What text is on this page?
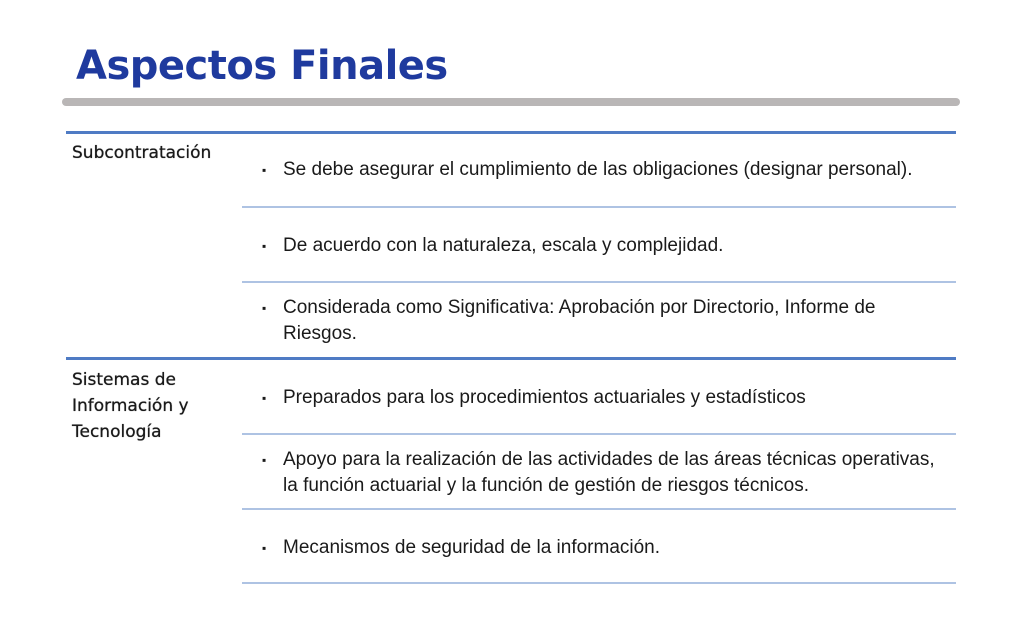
Aspectos Finales
Subcontratación
▪ Se debe asegurar el cumplimiento de las obligaciones (designar personal).
▪ De acuerdo con la naturaleza, escala y complejidad.
▪ Considerada como Significativa: Aprobación por Directorio, Informe de Riesgos.
Sistemas de Información y Tecnología
▪ Preparados para los procedimientos actuariales y estadísticos
▪ Apoyo para la realización de las actividades de las áreas técnicas operativas, la función actuarial y la función de gestión de riesgos técnicos.
▪ Mecanismos de seguridad de la información.
